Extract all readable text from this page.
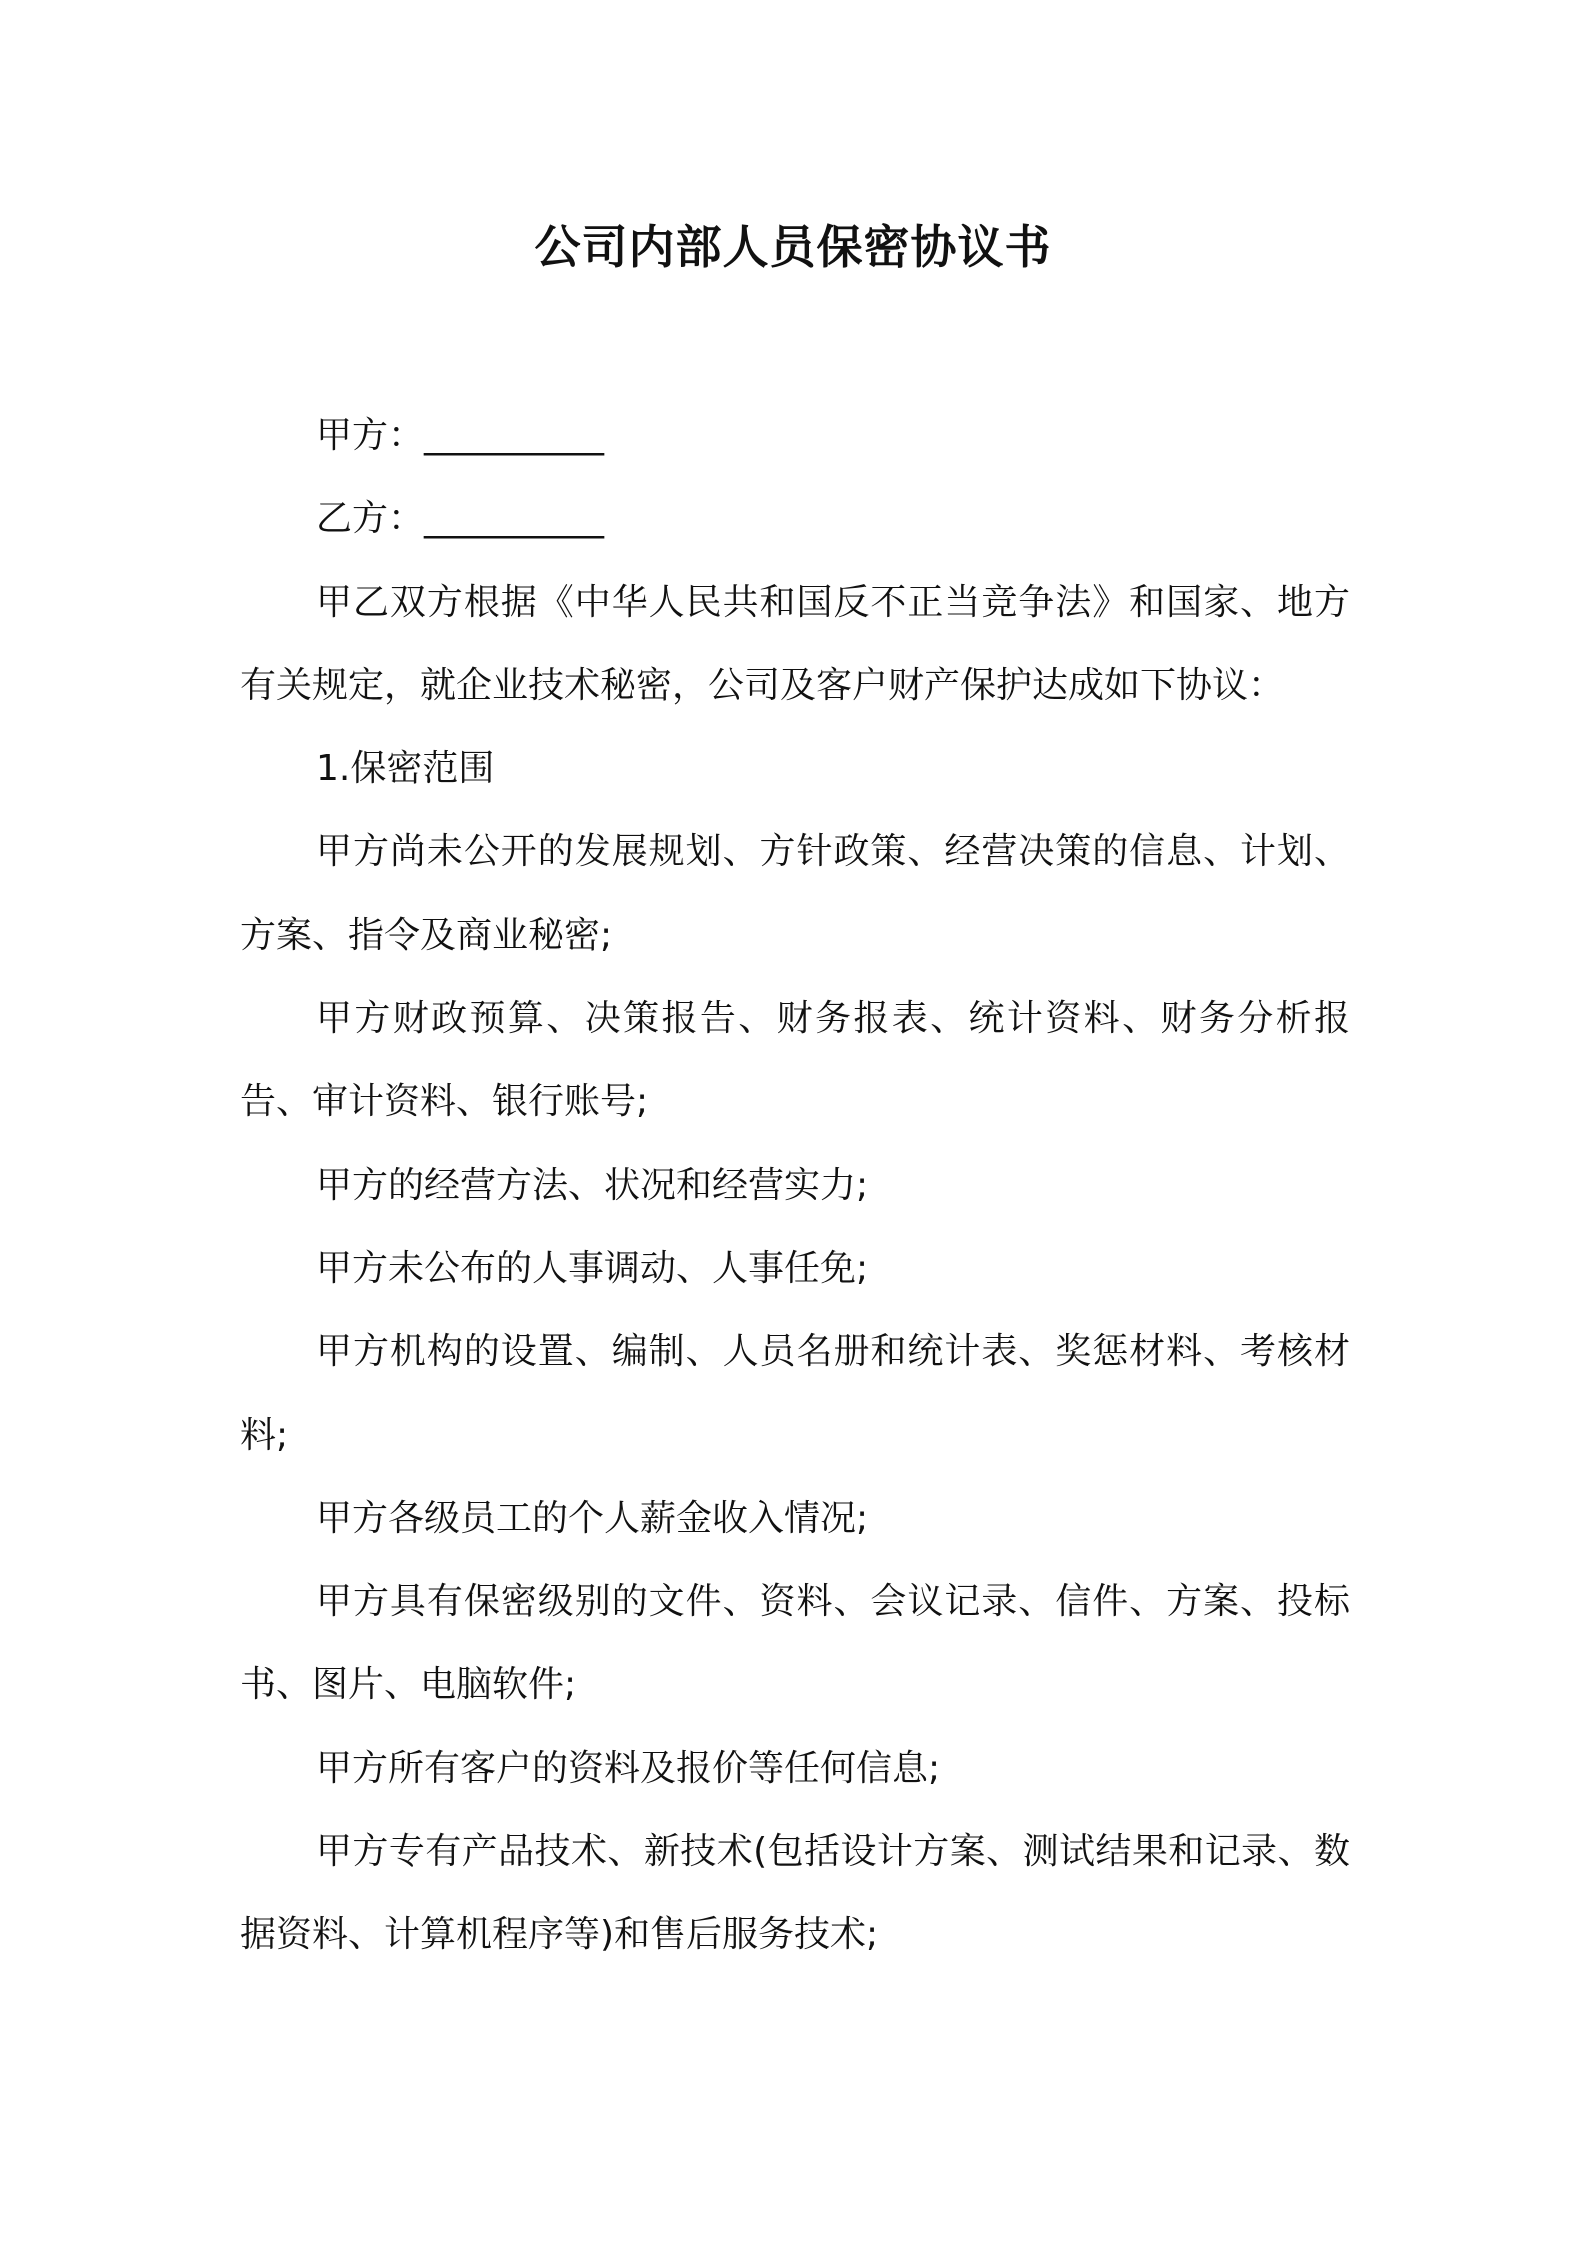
公司内部人员保密协议书

甲方：__________

乙方：__________

甲乙双方根据《中华人民共和国反不正当竞争法》和国家、地方有关规定，就企业技术秘密，公司及客户财产保护达成如下协议：

1.保密范围

甲方尚未公开的发展规划、方针政策、经营决策的信息、计划、方案、指令及商业秘密;

甲方财政预算、决策报告、财务报表、统计资料、财务分析报告、审计资料、银行账号;

甲方的经营方法、状况和经营实力;

甲方未公布的人事调动、人事任免;

甲方机构的设置、编制、人员名册和统计表、奖惩材料、考核材料;

甲方各级员工的个人薪金收入情况;

甲方具有保密级别的文件、资料、会议记录、信件、方案、投标书、图片、电脑软件;

甲方所有客户的资料及报价等任何信息;

甲方专有产品技术、新技术(包括设计方案、测试结果和记录、数据资料、计算机程序等)和售后服务技术;
